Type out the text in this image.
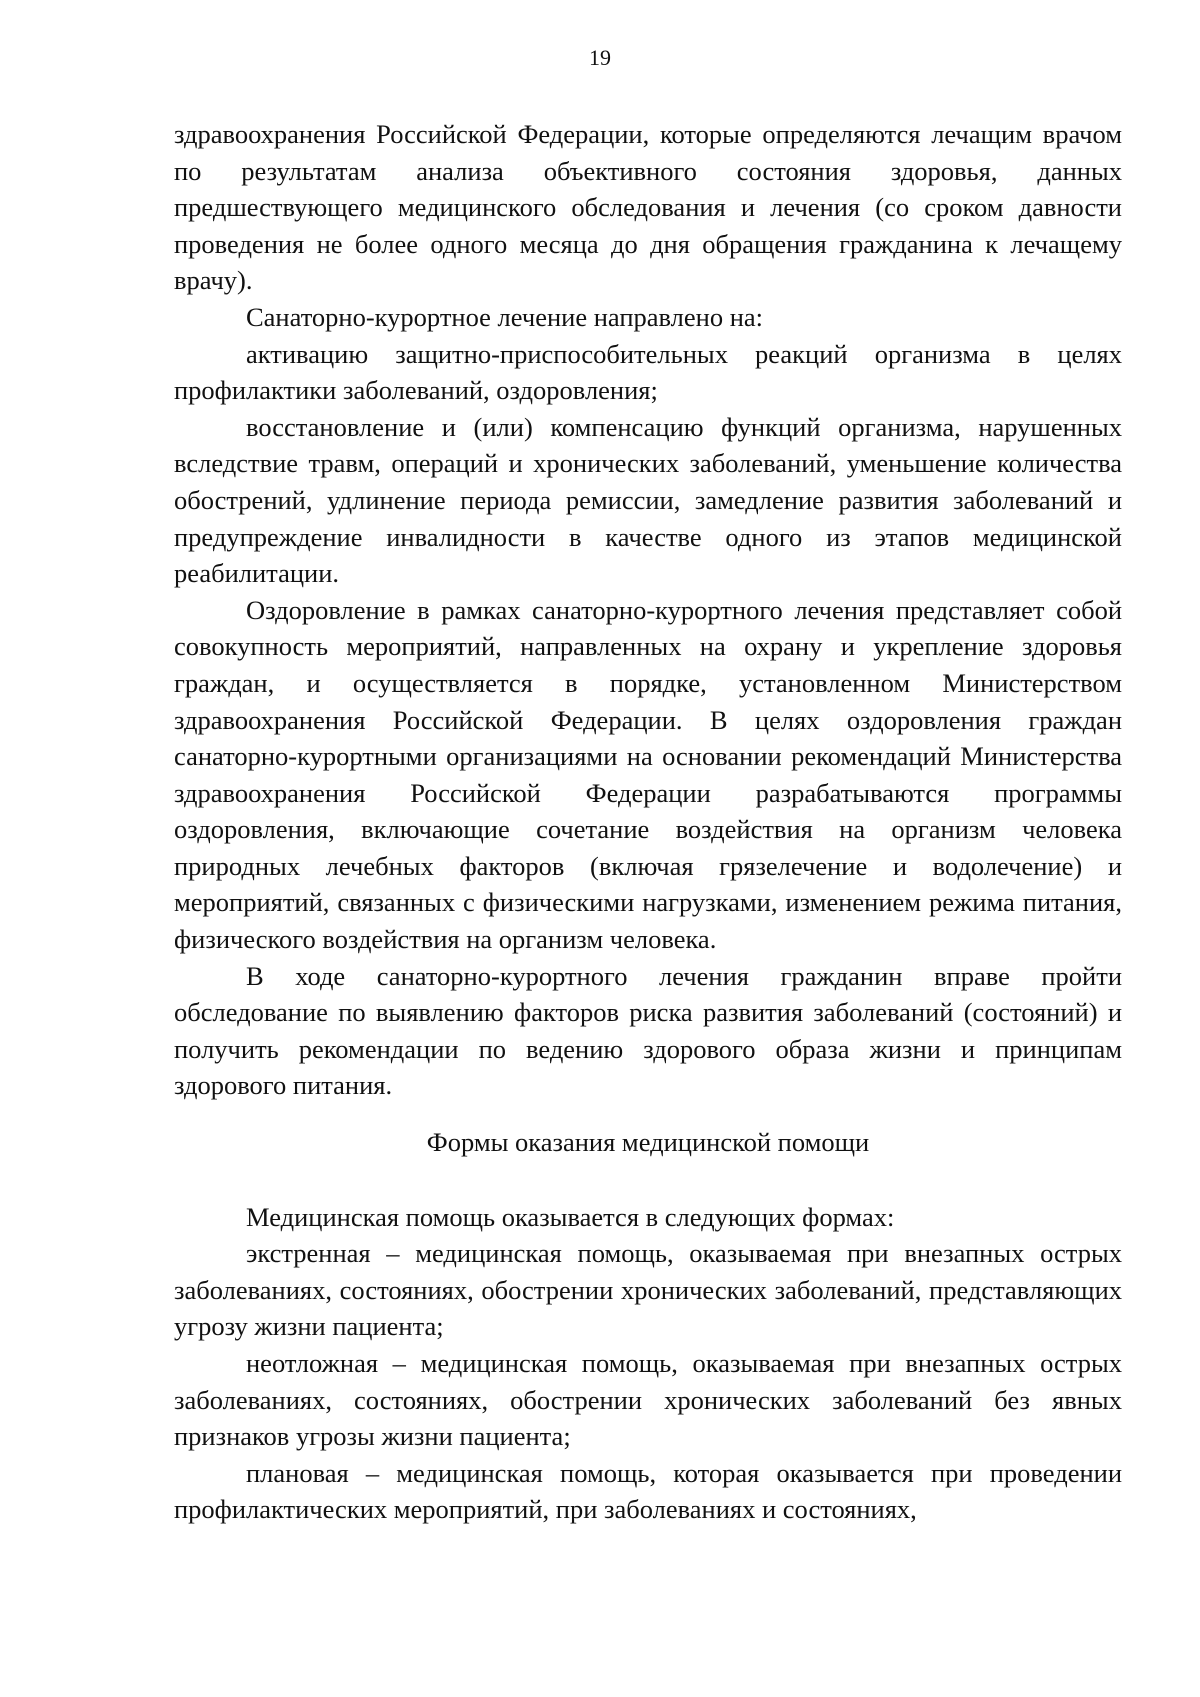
19

здравоохранения Российской Федерации, которые определяются лечащим врачом по результатам анализа объективного состояния здоровья, данных предшествующего медицинского обследования и лечения (со сроком давности проведения не более одного месяца до дня обращения гражданина к лечащему врачу).

Санаторно-курортное лечение направлено на:

активацию защитно-приспособительных реакций организма в целях профилактики заболеваний, оздоровления;

восстановление и (или) компенсацию функций организма, нарушенных вследствие травм, операций и хронических заболеваний, уменьшение количества обострений, удлинение периода ремиссии, замедление развития заболеваний и предупреждение инвалидности в качестве одного из этапов медицинской реабилитации.

Оздоровление в рамках санаторно-курортного лечения представляет собой совокупность мероприятий, направленных на охрану и укрепление здоровья граждан, и осуществляется в порядке, установленном Министерством здравоохранения Российской Федерации. В целях оздоровления граждан санаторно-курортными организациями на основании рекомендаций Министерства здравоохранения Российской Федерации разрабатываются программы оздоровления, включающие сочетание воздействия на организм человека природных лечебных факторов (включая грязелечение и водолечение) и мероприятий, связанных с физическими нагрузками, изменением режима питания, физического воздействия на организм человека.

В ходе санаторно-курортного лечения гражданин вправе пройти обследование по выявлению факторов риска развития заболеваний (состояний) и получить рекомендации по ведению здорового образа жизни и принципам здорового питания.

Формы оказания медицинской помощи

Медицинская помощь оказывается в следующих формах:

экстренная – медицинская помощь, оказываемая при внезапных острых заболеваниях, состояниях, обострении хронических заболеваний, представляющих угрозу жизни пациента;

неотложная – медицинская помощь, оказываемая при внезапных острых заболеваниях, состояниях, обострении хронических заболеваний без явных признаков угрозы жизни пациента;

плановая – медицинская помощь, которая оказывается при проведении профилактических мероприятий, при заболеваниях и состояниях,
